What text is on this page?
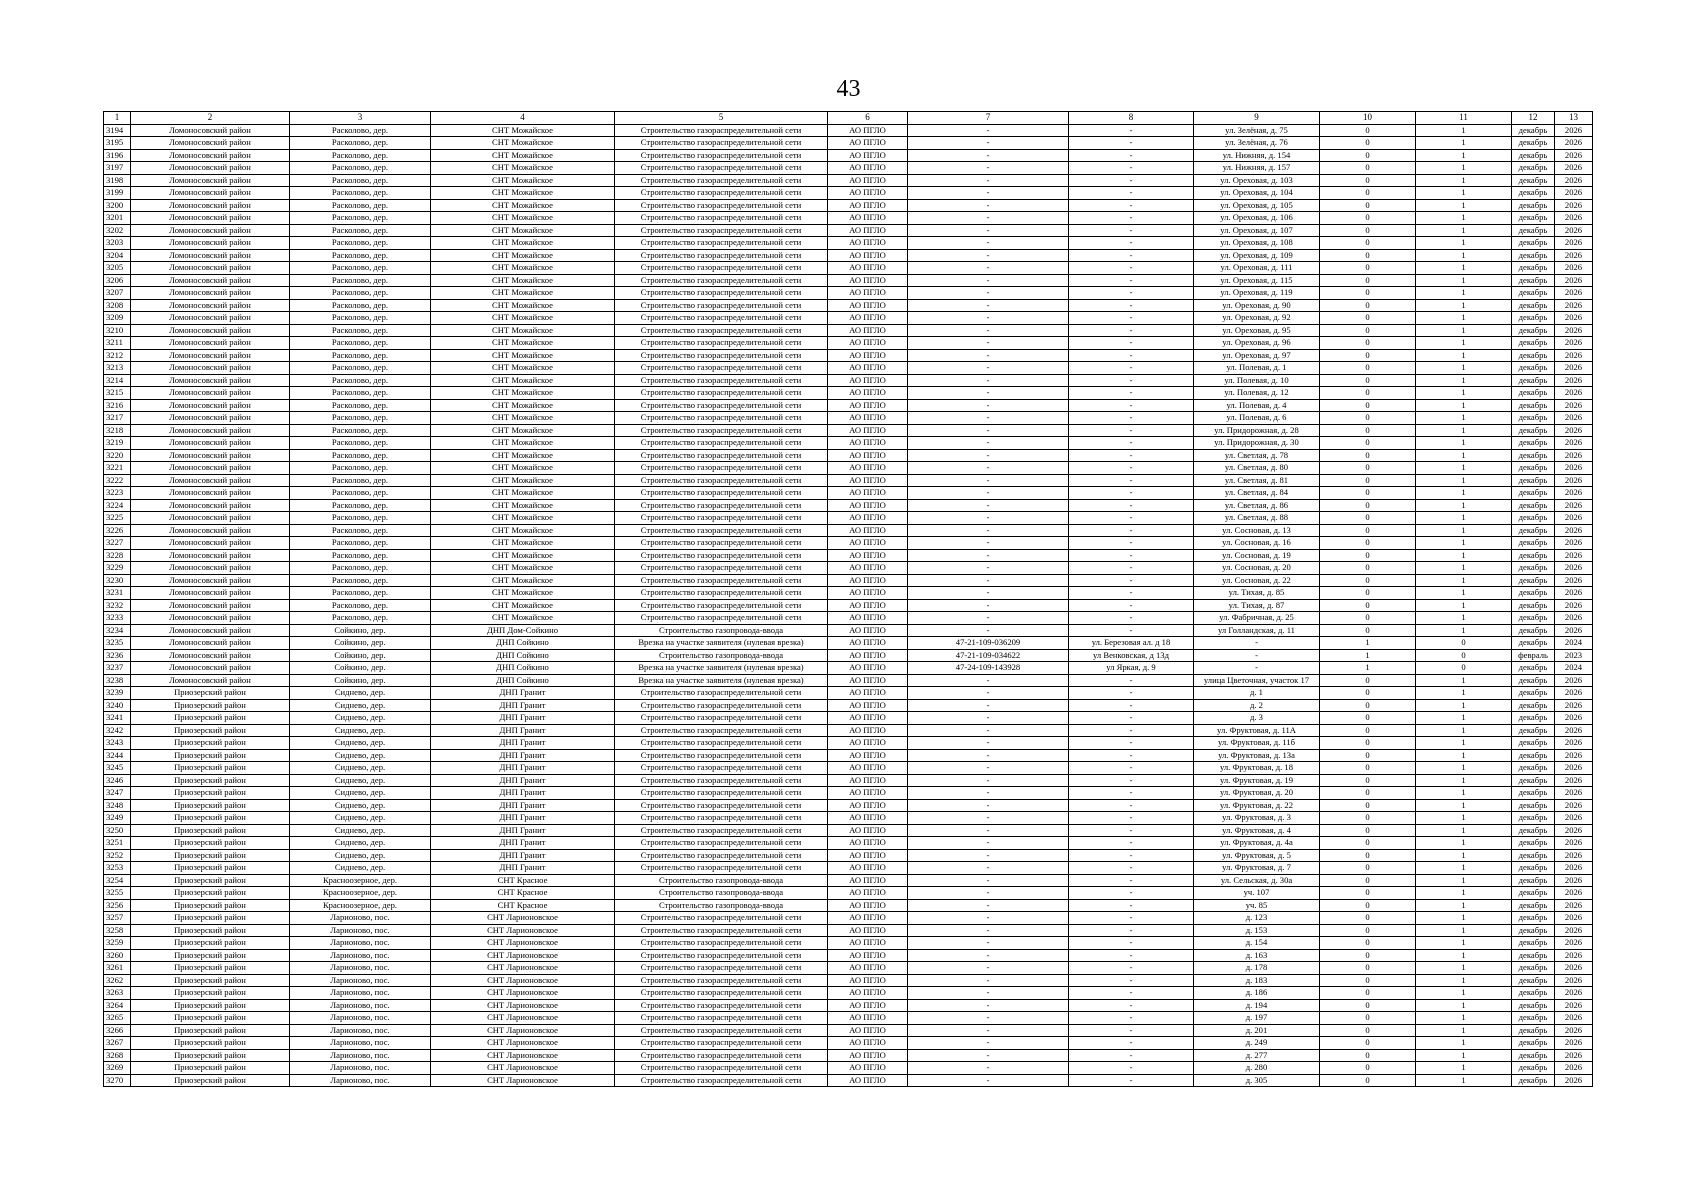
43
1	2	3	4	5	6	7	8	9	10	11	12	13
3194	Ломоносовский район	Расколово, дер.	СНТ Можайское	Строительство газораспределительной сети	АО ПГЛО	-	-	ул. Зелёная, д. 75	0	1	декабрь	2026
3195	Ломоносовский район	Расколово, дер.	СНТ Можайское	Строительство газораспределительной сети	АО ПГЛО	-	-	ул. Зелёная, д. 76	0	1	декабрь	2026
3196	Ломоносовский район	Расколово, дер.	СНТ Можайское	Строительство газораспределительной сети	АО ПГЛО	-	-	ул. Нижняя, д. 154	0	1	декабрь	2026
3197	Ломоносовский район	Расколово, дер.	СНТ Можайское	Строительство газораспределительной сети	АО ПГЛО	-	-	ул. Нижняя, д. 157	0	1	декабрь	2026
3198	Ломоносовский район	Расколово, дер.	СНТ Можайское	Строительство газораспределительной сети	АО ПГЛО	-	-	ул. Ореховая, д. 103	0	1	декабрь	2026
3199	Ломоносовский район	Расколово, дер.	СНТ Можайское	Строительство газораспределительной сети	АО ПГЛО	-	-	ул. Ореховая, д. 104	0	1	декабрь	2026
3200	Ломоносовский район	Расколово, дер.	СНТ Можайское	Строительство газораспределительной сети	АО ПГЛО	-	-	ул. Ореховая, д. 105	0	1	декабрь	2026
3201	Ломоносовский район	Расколово, дер.	СНТ Можайское	Строительство газораспределительной сети	АО ПГЛО	-	-	ул. Ореховая, д. 106	0	1	декабрь	2026
3202	Ломоносовский район	Расколово, дер.	СНТ Можайское	Строительство газораспределительной сети	АО ПГЛО	-	-	ул. Ореховая, д. 107	0	1	декабрь	2026
3203	Ломоносовский район	Расколово, дер.	СНТ Можайское	Строительство газораспределительной сети	АО ПГЛО	-	-	ул. Ореховая, д. 108	0	1	декабрь	2026
3204	Ломоносовский район	Расколово, дер.	СНТ Можайское	Строительство газораспределительной сети	АО ПГЛО	-	-	ул. Ореховая, д. 109	0	1	декабрь	2026
3205	Ломоносовский район	Расколово, дер.	СНТ Можайское	Строительство газораспределительной сети	АО ПГЛО	-	-	ул. Ореховая, д. 111	0	1	декабрь	2026
3206	Ломоносовский район	Расколово, дер.	СНТ Можайское	Строительство газораспределительной сети	АО ПГЛО	-	-	ул. Ореховая, д. 115	0	1	декабрь	2026
3207	Ломоносовский район	Расколово, дер.	СНТ Можайское	Строительство газораспределительной сети	АО ПГЛО	-	-	ул. Ореховая, д. 119	0	1	декабрь	2026
3208	Ломоносовский район	Расколово, дер.	СНТ Можайское	Строительство газораспределительной сети	АО ПГЛО	-	-	ул. Ореховая, д. 90	0	1	декабрь	2026
3209	Ломоносовский район	Расколово, дер.	СНТ Можайское	Строительство газораспределительной сети	АО ПГЛО	-	-	ул. Ореховая, д. 92	0	1	декабрь	2026
3210	Ломоносовский район	Расколово, дер.	СНТ Можайское	Строительство газораспределительной сети	АО ПГЛО	-	-	ул. Ореховая, д. 95	0	1	декабрь	2026
3211	Ломоносовский район	Расколово, дер.	СНТ Можайское	Строительство газораспределительной сети	АО ПГЛО	-	-	ул. Ореховая, д. 96	0	1	декабрь	2026
3212	Ломоносовский район	Расколово, дер.	СНТ Можайское	Строительство газораспределительной сети	АО ПГЛО	-	-	ул. Ореховая, д. 97	0	1	декабрь	2026
3213	Ломоносовский район	Расколово, дер.	СНТ Можайское	Строительство газораспределительной сети	АО ПГЛО	-	-	ул. Полевая, д. 1	0	1	декабрь	2026
3214	Ломоносовский район	Расколово, дер.	СНТ Можайское	Строительство газораспределительной сети	АО ПГЛО	-	-	ул. Полевая, д. 10	0	1	декабрь	2026
3215	Ломоносовский район	Расколово, дер.	СНТ Можайское	Строительство газораспределительной сети	АО ПГЛО	-	-	ул. Полевая, д. 12	0	1	декабрь	2026
3216	Ломоносовский район	Расколово, дер.	СНТ Можайское	Строительство газораспределительной сети	АО ПГЛО	-	-	ул. Полевая, д. 4	0	1	декабрь	2026
3217	Ломоносовский район	Расколово, дер.	СНТ Можайское	Строительство газораспределительной сети	АО ПГЛО	-	-	ул. Полевая, д. 6	0	1	декабрь	2026
3218	Ломоносовский район	Расколово, дер.	СНТ Можайское	Строительство газораспределительной сети	АО ПГЛО	-	-	ул. Придорожная, д. 28	0	1	декабрь	2026
3219	Ломоносовский район	Расколово, дер.	СНТ Можайское	Строительство газораспределительной сети	АО ПГЛО	-	-	ул. Придорожная, д. 30	0	1	декабрь	2026
3220	Ломоносовский район	Расколово, дер.	СНТ Можайское	Строительство газораспределительной сети	АО ПГЛО	-	-	ул. Светлая, д. 78	0	1	декабрь	2026
3221	Ломоносовский район	Расколово, дер.	СНТ Можайское	Строительство газораспределительной сети	АО ПГЛО	-	-	ул. Светлая, д. 80	0	1	декабрь	2026
3222	Ломоносовский район	Расколово, дер.	СНТ Можайское	Строительство газораспределительной сети	АО ПГЛО	-	-	ул. Светлая, д. 81	0	1	декабрь	2026
3223	Ломоносовский район	Расколово, дер.	СНТ Можайское	Строительство газораспределительной сети	АО ПГЛО	-	-	ул. Светлая, д. 84	0	1	декабрь	2026
3224	Ломоносовский район	Расколово, дер.	СНТ Можайское	Строительство газораспределительной сети	АО ПГЛО	-	-	ул. Светлая, д. 86	0	1	декабрь	2026
3225	Ломоносовский район	Расколово, дер.	СНТ Можайское	Строительство газораспределительной сети	АО ПГЛО	-	-	ул. Светлая, д. 88	0	1	декабрь	2026
3226	Ломоносовский район	Расколово, дер.	СНТ Можайское	Строительство газораспределительной сети	АО ПГЛО	-	-	ул. Сосновая, д. 13	0	1	декабрь	2026
3227	Ломоносовский район	Расколово, дер.	СНТ Можайское	Строительство газораспределительной сети	АО ПГЛО	-	-	ул. Сосновая, д. 16	0	1	декабрь	2026
3228	Ломоносовский район	Расколово, дер.	СНТ Можайское	Строительство газораспределительной сети	АО ПГЛО	-	-	ул. Сосновая, д. 19	0	1	декабрь	2026
3229	Ломоносовский район	Расколово, дер.	СНТ Можайское	Строительство газораспределительной сети	АО ПГЛО	-	-	ул. Сосновая, д. 20	0	1	декабрь	2026
3230	Ломоносовский район	Расколово, дер.	СНТ Можайское	Строительство газораспределительной сети	АО ПГЛО	-	-	ул. Сосновая, д. 22	0	1	декабрь	2026
3231	Ломоносовский район	Расколово, дер.	СНТ Можайское	Строительство газораспределительной сети	АО ПГЛО	-	-	ул. Тихая, д. 85	0	1	декабрь	2026
3232	Ломоносовский район	Расколово, дер.	СНТ Можайское	Строительство газораспределительной сети	АО ПГЛО	-	-	ул. Тихая, д. 87	0	1	декабрь	2026
3233	Ломоносовский район	Расколово, дер.	СНТ Можайское	Строительство газораспределительной сети	АО ПГЛО	-	-	ул. Фабричная, д. 25	0	1	декабрь	2026
3234	Ломоносовский район	Сойкино, дер.	ДНП Дом-Сойкино	Строительство газопровода-ввода	АО ПГЛО	-	-	ул Голландская, д. 11	0	1	декабрь	2026
3235	Ломоносовский район	Сойкино, дер.	ДНП Сойкино	Врезка на участке заявителя (нулевая врезка)	АО ПГЛО	47-21-109-036209	ул. Березовая ал. д 18	-	1	0	декабрь	2024
3236	Ломоносовский район	Сойкино, дер.	ДНП Сойкино	Строительство газопровода-ввода	АО ПГЛО	47-21-109-034622	ул Венковская, д 13д	-	1	0	февраль	2023
3237	Ломоносовский район	Сойкино, дер.	ДНП Сойкино	Врезка на участке заявителя (нулевая врезка)	АО ПГЛО	47-24-109-143928	ул Яркая, д. 9	-	1	0	декабрь	2024
3238	Ломоносовский район	Сойкино, дер.	ДНП Сойкино	Врезка на участке заявителя (нулевая врезка)	АО ПГЛО	-	-	улица Цветочная, участок 17	0	1	декабрь	2026
3239	Приозерский район	Сиднево, дер.	ДНП Гранит	Строительство газораспределительной сети	АО ПГЛО	-	-	д. 1	0	1	декабрь	2026
3240	Приозерский район	Сиднево, дер.	ДНП Гранит	Строительство газораспределительной сети	АО ПГЛО	-	-	д. 2	0	1	декабрь	2026
3241	Приозерский район	Сиднево, дер.	ДНП Гранит	Строительство газораспределительной сети	АО ПГЛО	-	-	д. 3	0	1	декабрь	2026
3242	Приозерский район	Сиднево, дер.	ДНП Гранит	Строительство газораспределительной сети	АО ПГЛО	-	-	ул. Фруктовая, д. 11А	0	1	декабрь	2026
3243	Приозерский район	Сиднево, дер.	ДНП Гранит	Строительство газораспределительной сети	АО ПГЛО	-	-	ул. Фруктовая, д. 11б	0	1	декабрь	2026
3244	Приозерский район	Сиднево, дер.	ДНП Гранит	Строительство газораспределительной сети	АО ПГЛО	-	-	ул. Фруктовая, д. 13а	0	1	декабрь	2026
3245	Приозерский район	Сиднево, дер.	ДНП Гранит	Строительство газораспределительной сети	АО ПГЛО	-	-	ул. Фруктовая, д. 18	0	1	декабрь	2026
3246	Приозерский район	Сиднево, дер.	ДНП Гранит	Строительство газораспределительной сети	АО ПГЛО	-	-	ул. Фруктовая, д. 19	0	1	декабрь	2026
3247	Приозерский район	Сиднево, дер.	ДНП Гранит	Строительство газораспределительной сети	АО ПГЛО	-	-	ул. Фруктовая, д. 20	0	1	декабрь	2026
3248	Приозерский район	Сиднево, дер.	ДНП Гранит	Строительство газораспределительной сети	АО ПГЛО	-	-	ул. Фруктовая, д. 22	0	1	декабрь	2026
3249	Приозерский район	Сиднево, дер.	ДНП Гранит	Строительство газораспределительной сети	АО ПГЛО	-	-	ул. Фруктовая, д. 3	0	1	декабрь	2026
3250	Приозерский район	Сиднево, дер.	ДНП Гранит	Строительство газораспределительной сети	АО ПГЛО	-	-	ул. Фруктовая, д. 4	0	1	декабрь	2026
3251	Приозерский район	Сиднево, дер.	ДНП Гранит	Строительство газораспределительной сети	АО ПГЛО	-	-	ул. Фруктовая, д. 4а	0	1	декабрь	2026
3252	Приозерский район	Сиднево, дер.	ДНП Гранит	Строительство газораспределительной сети	АО ПГЛО	-	-	ул. Фруктовая, д. 5	0	1	декабрь	2026
3253	Приозерский район	Сиднево, дер.	ДНП Гранит	Строительство газораспределительной сети	АО ПГЛО	-	-	ул. Фруктовая, д. 7	0	1	декабрь	2026
3254	Приозерский район	Красноозерное, дер.	СНТ Красное	Строительство газопровода-ввода	АО ПГЛО	-	-	ул. Сельская, д. 30а	0	1	декабрь	2026
3255	Приозерский район	Красноозерное, дер.	СНТ Красное	Строительство газопровода-ввода	АО ПГЛО	-	-	уч. 107	0	1	декабрь	2026
3256	Приозерский район	Красноозерное, дер.	СНТ Красное	Строительство газопровода-ввода	АО ПГЛО	-	-	уч. 85	0	1	декабрь	2026
3257	Приозерский район	Ларионово, пос.	СНТ Ларионовское	Строительство газораспределительной сети	АО ПГЛО	-	-	д. 123	0	1	декабрь	2026
3258	Приозерский район	Ларионово, пос.	СНТ Ларионовское	Строительство газораспределительной сети	АО ПГЛО	-	-	д. 153	0	1	декабрь	2026
3259	Приозерский район	Ларионово, пос.	СНТ Ларионовское	Строительство газораспределительной сети	АО ПГЛО	-	-	д. 154	0	1	декабрь	2026
3260	Приозерский район	Ларионово, пос.	СНТ Ларионовское	Строительство газораспределительной сети	АО ПГЛО	-	-	д. 163	0	1	декабрь	2026
3261	Приозерский район	Ларионово, пос.	СНТ Ларионовское	Строительство газораспределительной сети	АО ПГЛО	-	-	д. 178	0	1	декабрь	2026
3262	Приозерский район	Ларионово, пос.	СНТ Ларионовское	Строительство газораспределительной сети	АО ПГЛО	-	-	д. 183	0	1	декабрь	2026
3263	Приозерский район	Ларионово, пос.	СНТ Ларионовское	Строительство газораспределительной сети	АО ПГЛО	-	-	д. 186	0	1	декабрь	2026
3264	Приозерский район	Ларионово, пос.	СНТ Ларионовское	Строительство газораспределительной сети	АО ПГЛО	-	-	д. 194	0	1	декабрь	2026
3265	Приозерский район	Ларионово, пос.	СНТ Ларионовское	Строительство газораспределительной сети	АО ПГЛО	-	-	д. 197	0	1	декабрь	2026
3266	Приозерский район	Ларионово, пос.	СНТ Ларионовское	Строительство газораспределительной сети	АО ПГЛО	-	-	д. 201	0	1	декабрь	2026
3267	Приозерский район	Ларионово, пос.	СНТ Ларионовское	Строительство газораспределительной сети	АО ПГЛО	-	-	д. 249	0	1	декабрь	2026
3268	Приозерский район	Ларионово, пос.	СНТ Ларионовское	Строительство газораспределительной сети	АО ПГЛО	-	-	д. 277	0	1	декабрь	2026
3269	Приозерский район	Ларионово, пос.	СНТ Ларионовское	Строительство газораспределительной сети	АО ПГЛО	-	-	д. 280	0	1	декабрь	2026
3270	Приозерский район	Ларионово, пос.	СНТ Ларионовское	Строительство газораспределительной сети	АО ПГЛО	-	-	д. 305	0	1	декабрь	2026
